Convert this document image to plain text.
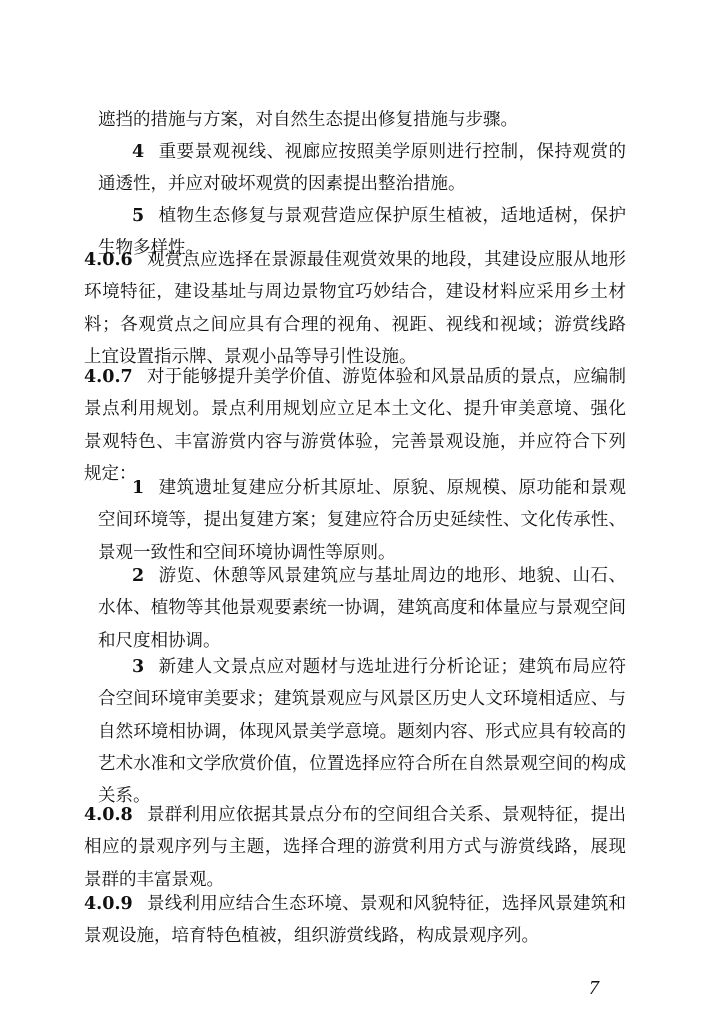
遮挡的措施与方案，对自然生态提出修复措施与步骤。

4 重要景观视线、视廊应按照美学原则进行控制，保持观赏的通透性，并应对破坏观赏的因素提出整治措施。

5 植物生态修复与景观营造应保护原生植被，适地适树，保护生物多样性。

4.0.6 观赏点应选择在景源最佳观赏效果的地段，其建设应服从地形环境特征，建设基址与周边景物宜巧妙结合，建设材料应采用乡土材料；各观赏点之间应具有合理的视角、视距、视线和视域；游赏线路上宜设置指示牌、景观小品等导引性设施。

4.0.7 对于能够提升美学价值、游览体验和风景品质的景点，应编制景点利用规划。景点利用规划应立足本土文化、提升审美意境、强化景观特色、丰富游赏内容与游赏体验，完善景观设施，并应符合下列规定：

1 建筑遗址复建应分析其原址、原貌、原规模、原功能和景观空间环境等，提出复建方案；复建应符合历史延续性、文化传承性、景观一致性和空间环境协调性等原则。

2 游览、休憩等风景建筑应与基址周边的地形、地貌、山石、水体、植物等其他景观要素统一协调，建筑高度和体量应与景观空间和尺度相协调。

3 新建人文景点应对题材与选址进行分析论证；建筑布局应符合空间环境审美要求；建筑景观应与风景区历史人文环境相适应、与自然环境相协调，体现风景美学意境。题刻内容、形式应具有较高的艺术水准和文学欣赏价值，位置选择应符合所在自然景观空间的构成关系。

4.0.8 景群利用应依据其景点分布的空间组合关系、景观特征，提出相应的景观序列与主题，选择合理的游赏利用方式与游赏线路，展现景群的丰富景观。

4.0.9 景线利用应结合生态环境、景观和风貌特征，选择风景建筑和景观设施，培育特色植被，组织游赏线路，构成景观序列。

7
